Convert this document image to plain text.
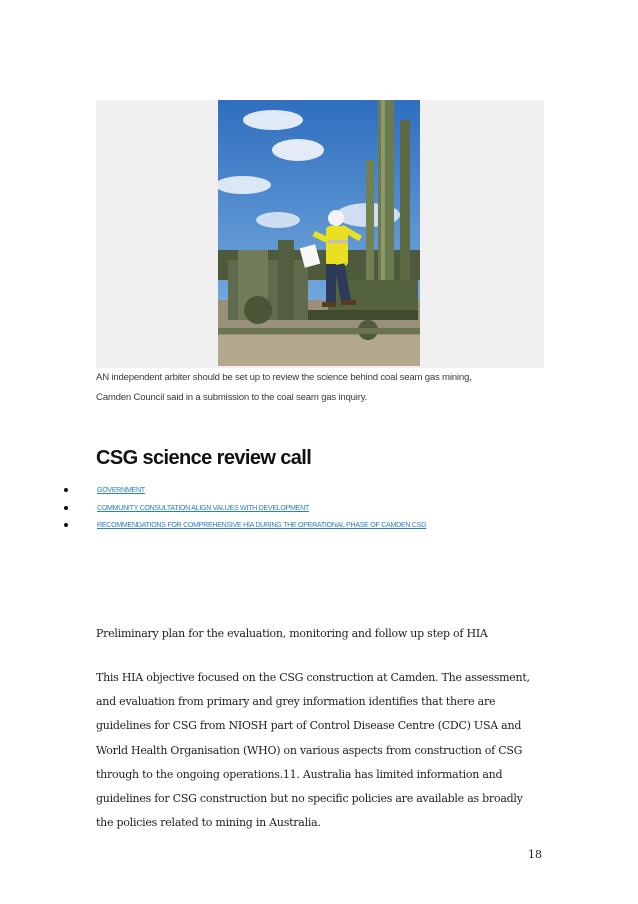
AN independent arbiter should be set up to review the science behind coal seam gas mining,
Camden Council said in a submission to the coal seam gas inquiry.
CSG science review call
GOVERNMENT
COMMUNITY CONSULTATION ALIGN VALUES WITH DEVELOPMENT
RECOMMENDATIONS FOR COMPREHENSIVE HIA DURING THE OPERATIONAL PHASE OF CAMDEN CSG

Preliminary plan for the evaluation, monitoring and follow up step of HIA

This HIA objective focused on the CSG construction at Camden. The assessment,
and evaluation from primary and grey information identifies that there are
guidelines for CSG from NIOSH part of Control Disease Centre (CDC) USA and
World Health Organisation (WHO) on various aspects from construction of CSG
through to the ongoing operations.11. Australia has limited information and
guidelines for CSG construction but no specific policies are available as broadly
the policies related to mining in Australia.
18
